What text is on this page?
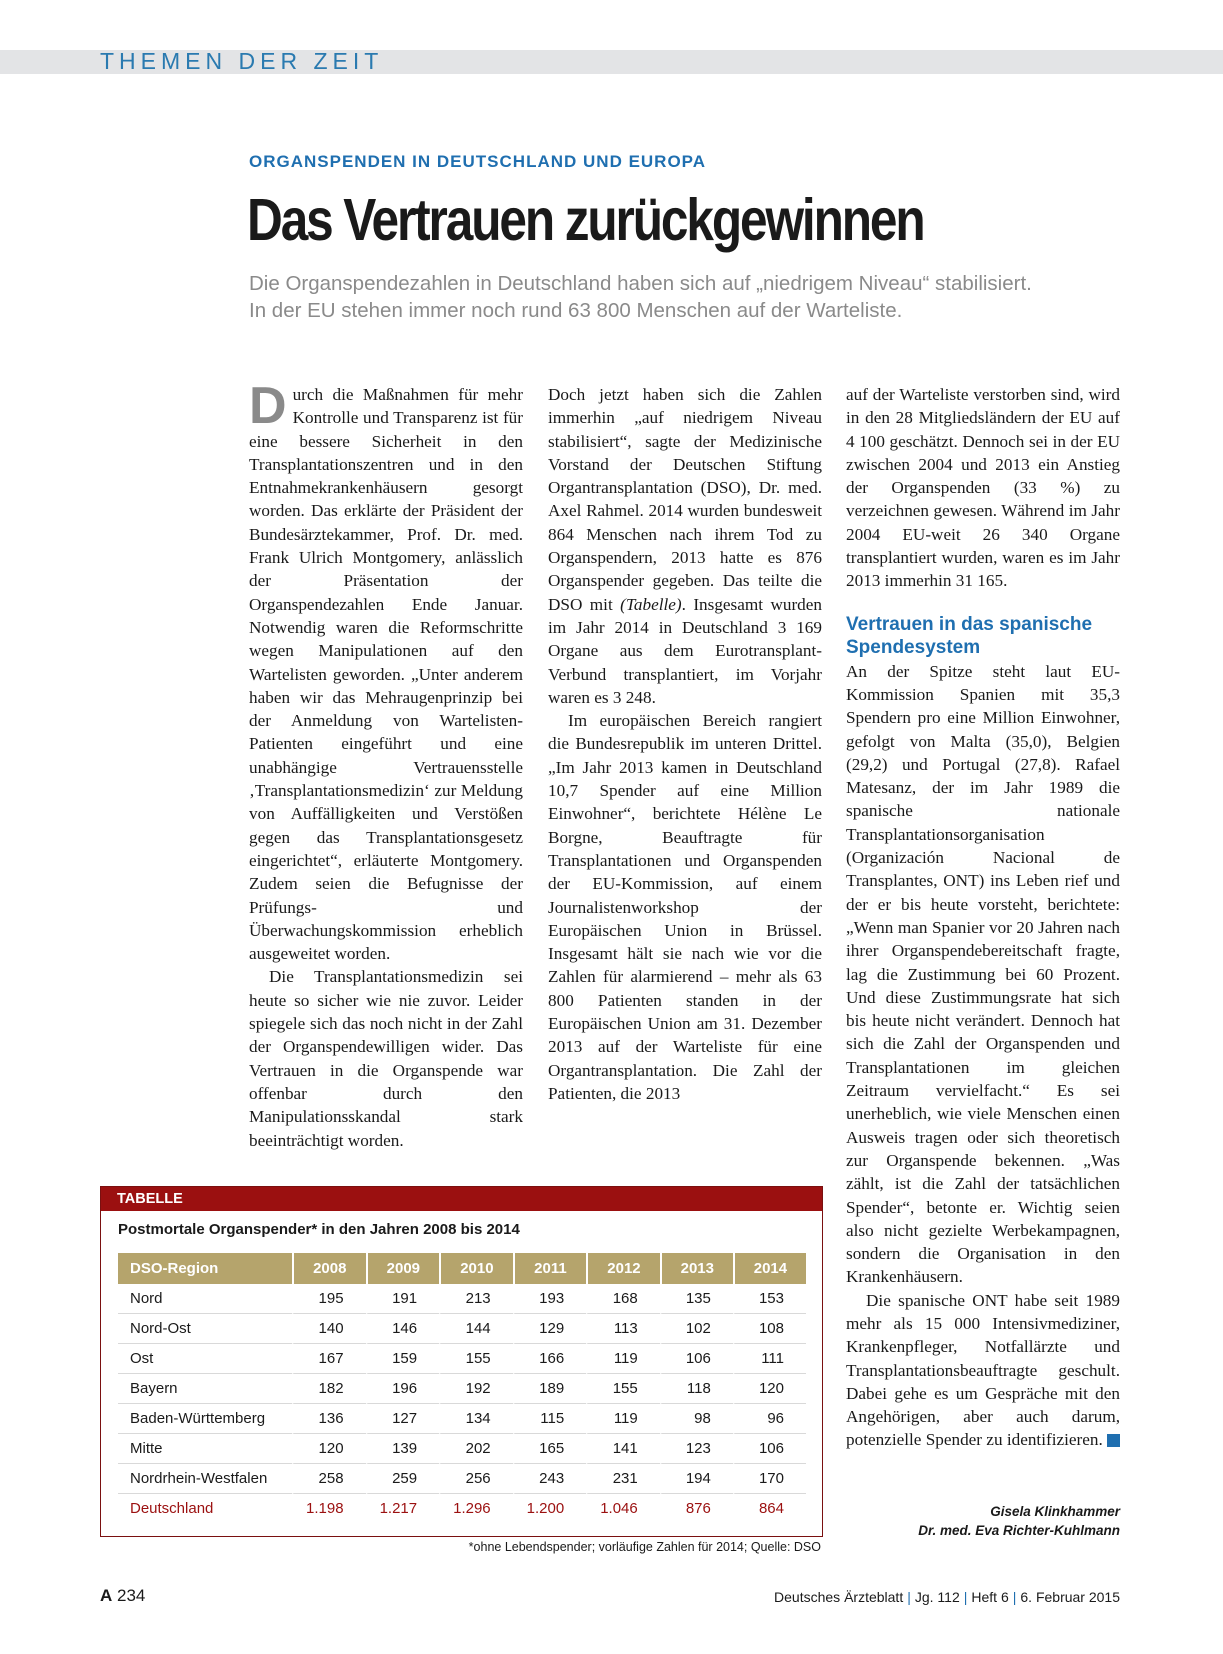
THEMEN DER ZEIT
ORGANSPENDEN IN DEUTSCHLAND UND EUROPA
Das Vertrauen zurückgewinnen
Die Organspendezahlen in Deutschland haben sich auf „niedrigem Niveau“ stabilisiert.
In der EU stehen immer noch rund 63 800 Menschen auf der Warteliste.

Durch die Maßnahmen für mehr Kontrolle und Transparenz ist für eine bessere Sicherheit in den Transplantationszentren und in den Entnahmekrankenhäusern gesorgt worden. Das erklärte der Präsident der Bundesärztekammer, Prof. Dr. med. Frank Ulrich Montgomery, anlässlich der Präsentation der Organspendezahlen Ende Januar. Notwendig waren die Reformschritte wegen Manipulationen auf den Wartelisten geworden. „Unter anderem haben wir das Mehraugenprinzip bei der Anmeldung von Wartelisten-Patienten eingeführt und eine unabhängige Vertrauensstelle ‚Transplantationsmedizin‘ zur Meldung von Auffälligkeiten und Verstößen gegen das Transplantationsgesetz eingerichtet“, erläuterte Montgomery. Zudem seien die Befugnisse der Prüfungs- und Überwachungskommission erheblich ausgeweitet worden.

Die Transplantationsmedizin sei heute so sicher wie nie zuvor. Leider spiegele sich das noch nicht in der Zahl der Organspendewilligen wider. Das Vertrauen in die Organspende war offenbar durch den Manipulationsskandal stark beeinträchtigt worden.

Doch jetzt haben sich die Zahlen immerhin „auf niedrigem Niveau stabilisiert“, sagte der Medizinische Vorstand der Deutschen Stiftung Organtransplantation (DSO), Dr. med. Axel Rahmel. 2014 wurden bundesweit 864 Menschen nach ihrem Tod zu Organspendern, 2013 hatte es 876 Organspender gegeben. Das teilte die DSO mit (Tabelle). Insgesamt wurden im Jahr 2014 in Deutschland 3 169 Organe aus dem Eurotransplant-Verbund transplantiert, im Vorjahr waren es 3 248.

Im europäischen Bereich rangiert die Bundesrepublik im unteren Drittel. „Im Jahr 2013 kamen in Deutschland 10,7 Spender auf eine Million Einwohner“, berichtete Hélène Le Borgne, Beauftragte für Transplantationen und Organspenden der EU-Kommission, auf einem Journalistenworkshop der Europäischen Union in Brüssel. Insgesamt hält sie nach wie vor die Zahlen für alarmierend – mehr als 63 800 Patienten standen in der Europäischen Union am 31. Dezember 2013 auf der Warteliste für eine Organtransplantation. Die Zahl der Patienten, die 2013

auf der Warteliste verstorben sind, wird in den 28 Mitgliedsländern der EU auf 4 100 geschätzt. Dennoch sei in der EU zwischen 2004 und 2013 ein Anstieg der Organspenden (33 %) zu verzeichnen gewesen. Während im Jahr 2004 EU-weit 26 340 Organe transplantiert wurden, waren es im Jahr 2013 immerhin 31 165.

Vertrauen in das spanische Spendesystem

An der Spitze steht laut EU-Kommission Spanien mit 35,3 Spendern pro eine Million Einwohner, gefolgt von Malta (35,0), Belgien (29,2) und Portugal (27,8). Rafael Matesanz, der im Jahr 1989 die spanische nationale Transplantationsorganisation (Organización Nacional de Transplantes, ONT) ins Leben rief und der er bis heute vorsteht, berichtete: „Wenn man Spanier vor 20 Jahren nach ihrer Organspendebereitschaft fragte, lag die Zustimmung bei 60 Prozent. Und diese Zustimmungsrate hat sich bis heute nicht verändert. Dennoch hat sich die Zahl der Organspenden und Transplantationen im gleichen Zeitraum vervielfacht.“ Es sei unerheblich, wie viele Menschen einen Ausweis tragen oder sich theoretisch zur Organspende bekennen. „Was zählt, ist die Zahl der tatsächlichen Spender“, betonte er. Wichtig seien also nicht gezielte Werbekampagnen, sondern die Organisation in den Krankenhäusern.

Die spanische ONT habe seit 1989 mehr als 15 000 Intensivmediziner, Krankenpfleger, Notfallärzte und Transplantationsbeauftragte geschult. Dabei gehe es um Gespräche mit den Angehörigen, aber auch darum, potenzielle Spender zu identifizieren.

Gisela Klinkhammer
Dr. med. Eva Richter-Kuhlmann
TABELLE
Postmortale Organspender* in den Jahren 2008 bis 2014
DSO-Region	2008	2009	2010	2011	2012	2013	2014
Nord	195	191	213	193	168	135	153
Nord-Ost	140	146	144	129	113	102	108
Ost	167	159	155	166	119	106	111
Bayern	182	196	192	189	155	118	120
Baden-Württemberg	136	127	134	115	119	98	96
Mitte	120	139	202	165	141	123	106
Nordrhein-Westfalen	258	259	256	243	231	194	170
Deutschland	1.198	1.217	1.296	1.200	1.046	876	864
*ohne Lebendspender; vorläufige Zahlen für 2014; Quelle: DSO
A 234	Deutsches Ärzteblatt | Jg. 112 | Heft 6 | 6. Februar 2015
